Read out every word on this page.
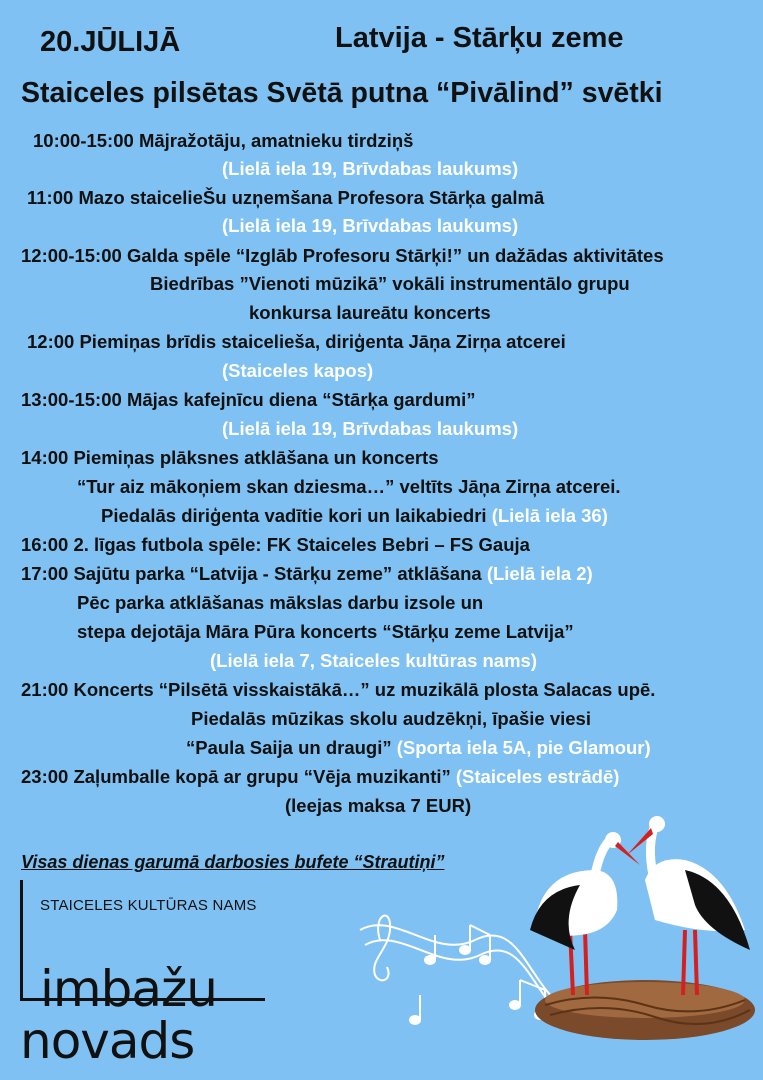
20.JŪLIJĀ	Latvija - Stārķu zeme
Staiceles pilsētas Svētā putna “Pivālind” svētki
10:00-15:00 Mājražotāju, amatnieku tirdziņš
(Lielā iela 19, Brīvdabas laukums)
11:00 Mazo staicelieŠu uzņemšana Profesora Stārķa galmā
(Lielā iela 19, Brīvdabas laukums)
12:00-15:00 Galda spēle “Izglāb Profesoru Stārķi!” un dažādas aktivitātes
Biedrības ”Vienoti mūzikā” vokāli instrumentālo grupu
konkursa laureātu koncerts
12:00 Piemiņas brīdis staicelieša, diriģenta Jāņa Zirņa atcerei
(Staiceles kapos)
13:00-15:00 Mājas kafejnīcu diena “Stārķa gardumi”
(Lielā iela 19, Brīvdabas laukums)
14:00 Piemiņas plāksnes atklāšana un koncerts
“Tur aiz mākoņiem skan dziesma…” veltīts Jāņa Zirņa atcerei.
Piedalās diriģenta vadītie kori un laikabiedri (Lielā iela 36)
16:00 2. līgas futbola spēle: FK Staiceles Bebri – FS Gauja
17:00 Sajūtu parka “Latvija - Stārķu zeme” atklāšana (Lielā iela 2)
Pēc parka atklāšanas mākslas darbu izsole un
stepa dejotāja Māra Pūra koncerts “Stārķu zeme Latvija”
(Lielā iela 7, Staiceles kultūras nams)
21:00 Koncerts “Pilsētā visskaistākā…” uz muzikālā plosta Salacas upē.
Piedalās mūzikas skolu audzēkņi, īpašie viesi
“Paula Saija un draugi” (Sporta iela 5A, pie Glamour)
23:00 Zaļumballe kopā ar grupu “Vēja muzikanti” (Staiceles estrādē)
(leejas maksa 7 EUR)
Visas dienas garumā darbosies bufete “Strautiņi”
STAICELES KULTŪRAS NAMS
imbažu
novads
